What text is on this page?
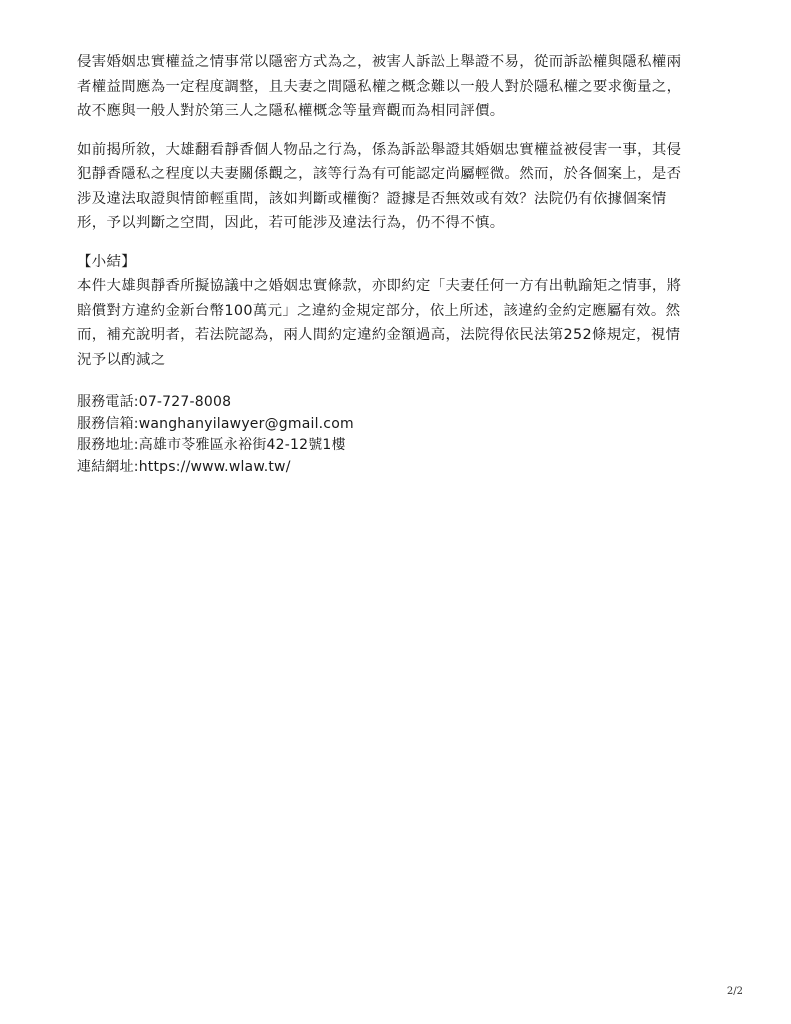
侵害婚姻忠實權益之情事常以隱密方式為之，被害人訴訟上舉證不易，從而訴訟權與隱私權兩
者權益間應為一定程度調整，且夫妻之間隱私權之概念難以一般人對於隱私權之要求衡量之，
故不應與一般人對於第三人之隱私權概念等量齊觀而為相同評價。

如前揭所敘，大雄翻看靜香個人物品之行為，係為訴訟舉證其婚姻忠實權益被侵害一事，其侵
犯靜香隱私之程度以夫妻關係觀之，該等行為有可能認定尚屬輕微。然而，於各個案上，是否
涉及違法取證與情節輕重間，該如判斷或權衡？證據是否無效或有效？法院仍有依據個案情
形，予以判斷之空間，因此，若可能涉及違法行為，仍不得不慎。

【小結】
本件大雄與靜香所擬協議中之婚姻忠實條款，亦即約定「夫妻任何一方有出軌踰矩之情事，將
賠償對方違約金新台幣100萬元」之違約金規定部分，依上所述，該違約金約定應屬有效。然
而，補充說明者，若法院認為，兩人間約定違約金額過高，法院得依民法第252條規定，視情
況予以酌減之

服務電話:07-727-8008
服務信箱:wanghanyilawyer@gmail.com
服務地址:高雄市苓雅區永裕街42-12號1樓
連結網址:https://www.wlaw.tw/
2/2
